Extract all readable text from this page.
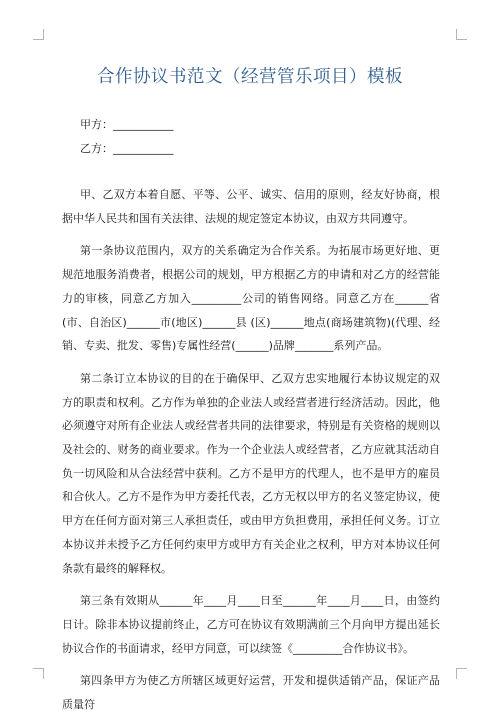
合作协议书范文（经营管乐项目）模板
甲方：___________
乙方：___________

甲、乙双方本着自愿、平等、公平、诚实、信用的原则，经友好协商，根据中华人民共和国有关法律、法规的规定签定本协议，由双方共同遵守。

第一条协议范围内，双方的关系确定为合作关系。为拓展市场更好地、更规范地服务消费者，根据公司的规划，甲方根据乙方的申请和对乙方的经营能力的审核，同意乙方加入_________公司的销售网络。同意乙方在______省(市、自治区)______市(地区)______县 (区)______地点(商场建筑物)(代理、经销、专卖、批发、零售)专属性经营(______)品牌_______系列产品。

第二条订立本协议的目的在于确保甲、乙双方忠实地履行本协议规定的双方的职责和权利。乙方作为单独的企业法人或经营者进行经济活动。因此，他必须遵守对所有企业法人或经营者共同的法律要求，特别是有关资格的规则以及社会的、财务的商业要求。作为一个企业法人或经营者，乙方应就其活动自负一切风险和从合法经营中获利。乙方不是甲方的代理人，也不是甲方的雇员和合伙人。乙方不是作为甲方委托代表，乙方无权以甲方的名义签定协议，使甲方在任何方面对第三人承担责任，或由甲方负担费用，承担任何义务。订立本协议并未授予乙方任何约束甲方或甲方有关企业之权利，甲方对本协议任何条款有最终的解释权。

第三条有效期从______年____月____日至______年____月____日，由签约日计。除非本协议提前终止，乙方可在协议有效期满前三个月向甲方提出延长协议合作的书面请求，经甲方同意，可以续签《_________合作协议书》。

第四条甲方为使乙方所辖区域更好运营，开发和提供适销产品，保证产品质量符
